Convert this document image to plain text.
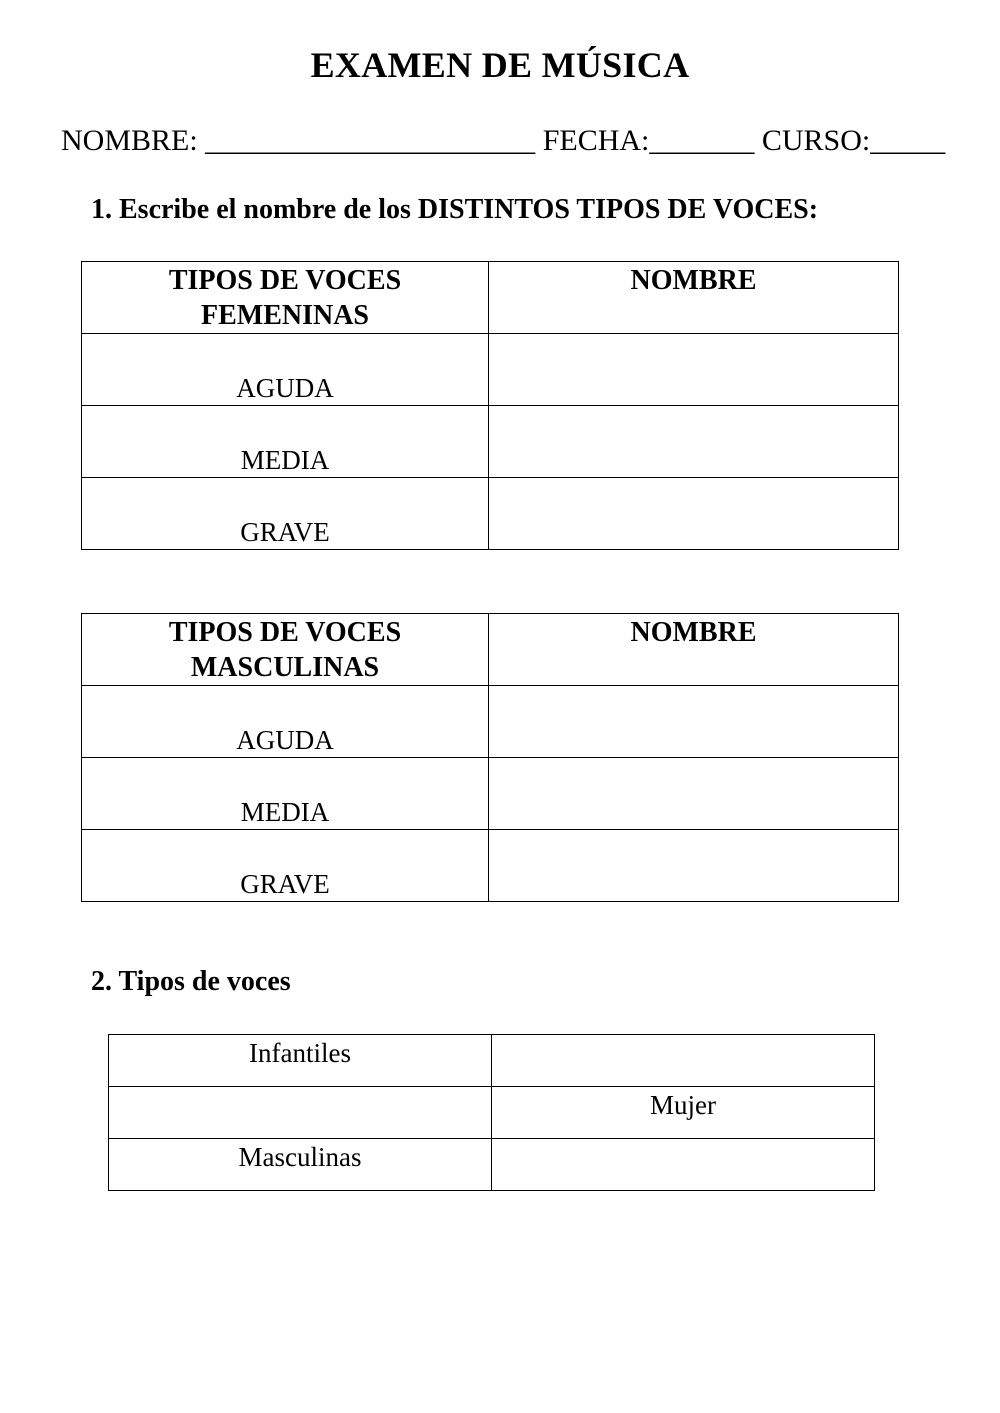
EXAMEN DE MÚSICA
NOMBRE: ______________________ FECHA:_______ CURSO:_____
1. Escribe el nombre de los DISTINTOS TIPOS DE VOCES:
TIPOS DE VOCES
FEMENINAS	NOMBRE
AGUDA	
MEDIA	
GRAVE	
TIPOS DE VOCES
MASCULINAS	NOMBRE
AGUDA	
MEDIA	
GRAVE	
2. Tipos de voces
Infantiles	
	Mujer
Masculinas	
